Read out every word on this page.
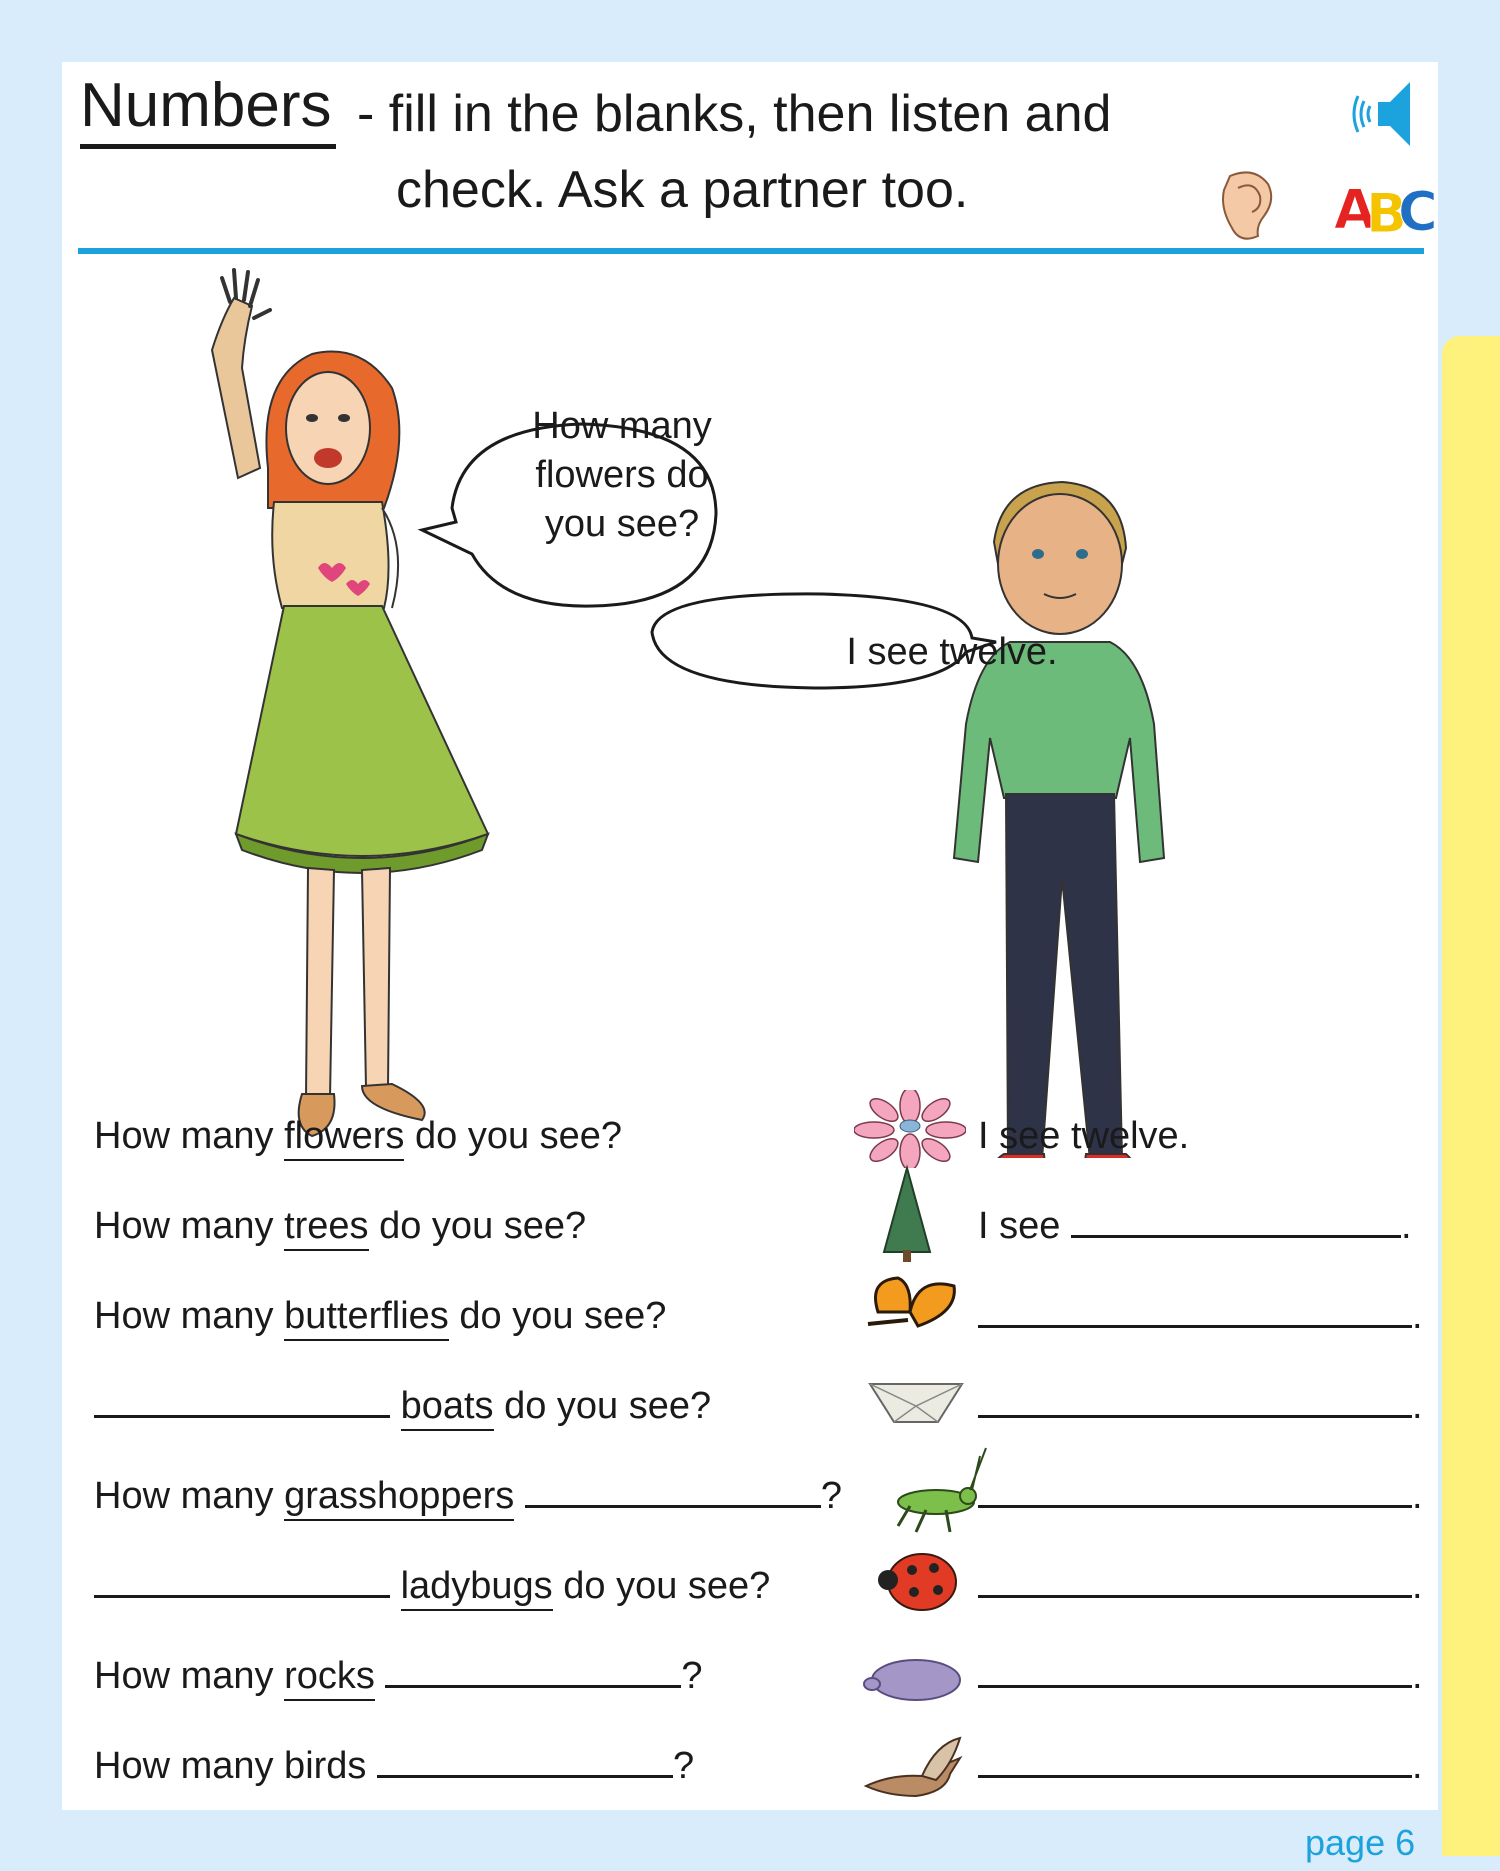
Numbers - fill in the blanks, then listen and
check. Ask a partner too.	A
B
C
How many
flowers do
you see?
I see twelve.
How many flowers do you see?	I see twelve.
How many trees do you see?	I see	.
How many butterflies do you see?	.
boats do you see?	.
How many grasshoppers	?	.
ladybugs do you see?	.
How many rocks	?	.
How many birds	?	.
page 6
